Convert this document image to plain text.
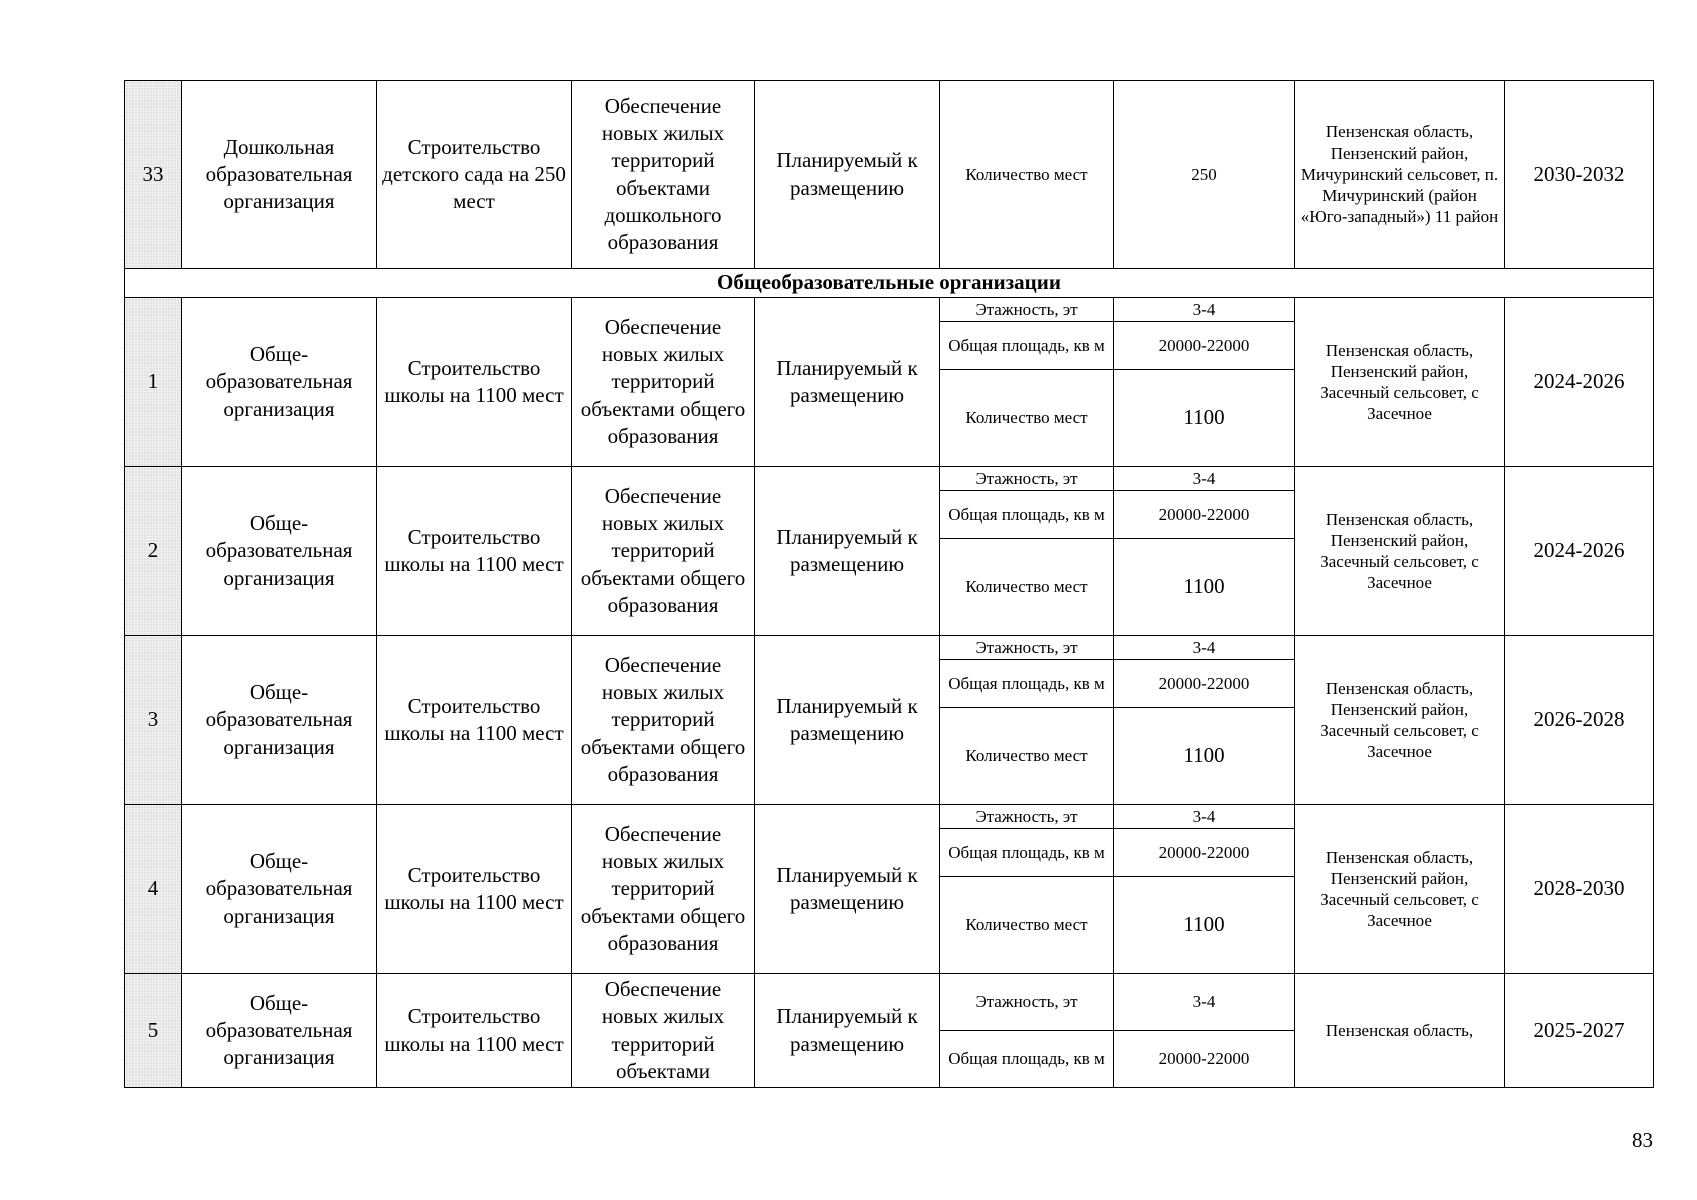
33	Дошкольная образовательная организация	Строительство детского сада на 250 мест	Обеспечение новых жилых территорий объектами дошкольного образования	Планируемый к размещению	Количество мест	250	Пензенская область, Пензенский район, Мичуринский сельсовет, п. Мичуринский (район «Юго-западный») 11 район	2030-2032
Общеобразовательные организации								
1	Обще-образовательная организация	Строительство школы на 1100 мест	Обеспечение новых жилых территорий объектами общего образования	Планируемый к размещению	Этажность, эт	3-4	Пензенская область, Пензенский район, Засечный сельсовет, с Засечное	2024-2026
					Общая площадь, кв м	20000-22000		
					Количество мест	1100		
2	Обще-образовательная организация	Строительство школы на 1100 мест	Обеспечение новых жилых территорий объектами общего образования	Планируемый к размещению	Этажность, эт	3-4	Пензенская область, Пензенский район, Засечный сельсовет, с Засечное	2024-2026
					Общая площадь, кв м	20000-22000		
					Количество мест	1100		
3	Обще-образовательная организация	Строительство школы на 1100 мест	Обеспечение новых жилых территорий объектами общего образования	Планируемый к размещению	Этажность, эт	3-4	Пензенская область, Пензенский район, Засечный сельсовет, с Засечное	2026-2028
					Общая площадь, кв м	20000-22000		
					Количество мест	1100		
4	Обще-образовательная организация	Строительство школы на 1100 мест	Обеспечение новых жилых территорий объектами общего образования	Планируемый к размещению	Этажность, эт	3-4	Пензенская область, Пензенский район, Засечный сельсовет, с Засечное	2028-2030
					Общая площадь, кв м	20000-22000		
					Количество мест	1100		
5	Обще-образовательная организация	Строительство школы на 1100 мест	Обеспечение новых жилых территорий объектами	Планируемый к размещению	Этажность, эт	3-4	Пензенская область,	2025-2027
					Общая площадь, кв м	20000-22000		
83
